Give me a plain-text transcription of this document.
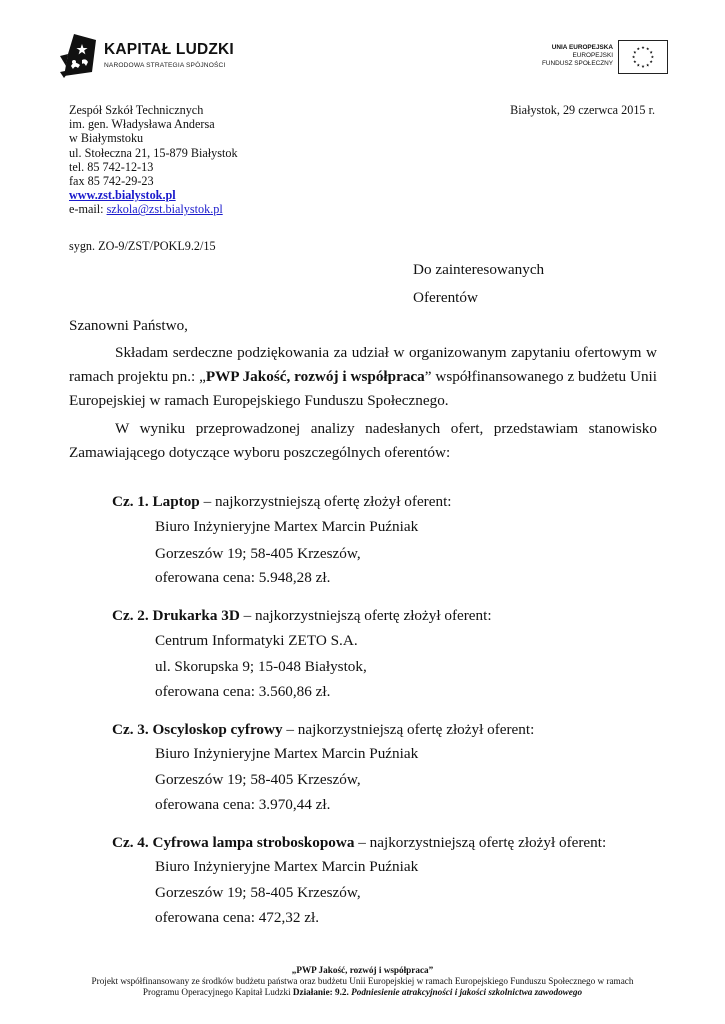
KAPITAŁ LUDZKI
NARODOWA STRATEGIA SPÓJNOŚCI
UNIA EUROPEJSKA
EUROPEJSKI
FUNDUSZ SPOŁECZNY
Zespół Szkół Technicznych
im. gen. Władysława Andersa
w Białymstoku
ul. Stołeczna 21, 15-879 Białystok
tel. 85 742-12-13
fax 85 742-29-23
www.zst.bialystok.pl
e-mail: szkola@zst.bialystok.pl
Białystok, 29 czerwca 2015 r.
sygn. ZO-9/ZST/POKL9.2/15
Do zainteresowanych
Oferentów
Szanowni Państwo,
Składam serdeczne podziękowania za udział w organizowanym zapytaniu ofertowym w ramach projektu pn.: „PWP Jakość, rozwój i współpraca” współfinansowanego z budżetu Unii Europejskiej w ramach Europejskiego Funduszu Społecznego.
W wyniku przeprowadzonej analizy nadesłanych ofert, przedstawiam stanowisko Zamawiającego dotyczące wyboru poszczególnych oferentów:
Cz. 1. Laptop – najkorzystniejszą ofertę złożył oferent:
Biuro Inżynieryjne Martex Marcin Puźniak
Gorzeszów 19; 58-405 Krzeszów,
oferowana cena: 5.948,28 zł.
Cz. 2. Drukarka 3D – najkorzystniejszą ofertę złożył oferent:
Centrum Informatyki ZETO S.A.
ul. Skorupska 9; 15-048 Białystok,
oferowana cena: 3.560,86 zł.
Cz. 3. Oscyloskop cyfrowy – najkorzystniejszą ofertę złożył oferent:
Biuro Inżynieryjne Martex Marcin Puźniak
Gorzeszów 19; 58-405 Krzeszów,
oferowana cena: 3.970,44 zł.
Cz. 4. Cyfrowa lampa stroboskopowa – najkorzystniejszą ofertę złożył oferent:
Biuro Inżynieryjne Martex Marcin Puźniak
Gorzeszów 19; 58-405 Krzeszów,
oferowana cena: 472,32 zł.
„PWP Jakość, rozwój i współpraca”
Projekt współfinansowany ze środków budżetu państwa oraz budżetu Unii Europejskiej w ramach Europejskiego Funduszu Społecznego w ramach
Programu Operacyjnego Kapitał Ludzki Działanie: 9.2. Podniesienie atrakcyjności i jakości szkolnictwa zawodowego
